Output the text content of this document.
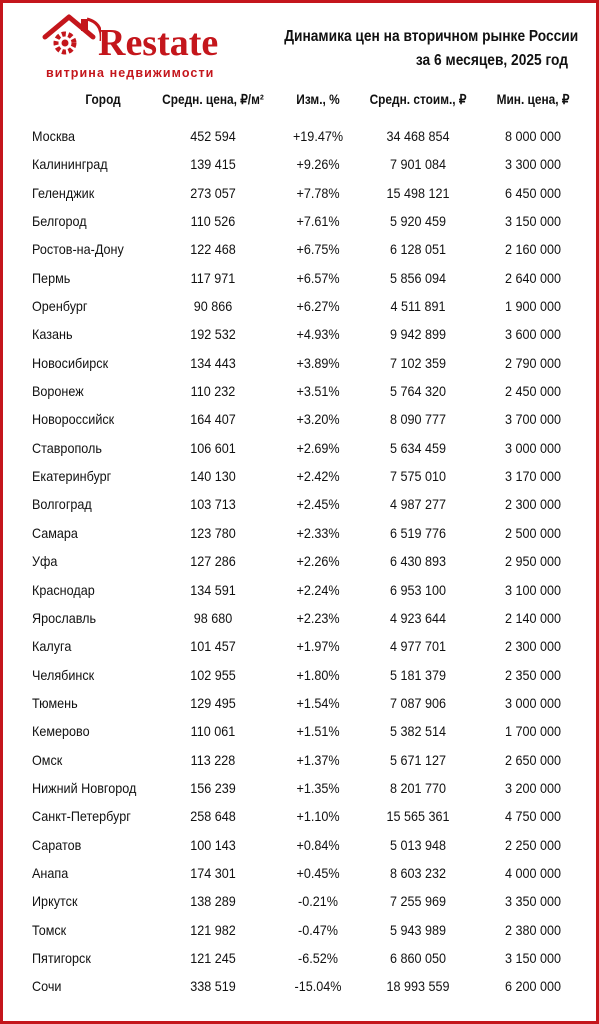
Restate
витрина недвижимости
Динамика цен на вторичном рынке России
за 6 месяцев, 2025 год
Город	Средн. цена, ₽/м²	Изм., %	Средн. стоим., ₽	Мин. цена, ₽
Москва	452 594	+19.47%	34 468 854	8 000 000
Калининград	139 415	+9.26%	7 901 084	3 300 000
Геленджик	273 057	+7.78%	15 498 121	6 450 000
Белгород	110 526	+7.61%	5 920 459	3 150 000
Ростов-на-Дону	122 468	+6.75%	6 128 051	2 160 000
Пермь	117 971	+6.57%	5 856 094	2 640 000
Оренбург	90 866	+6.27%	4 511 891	1 900 000
Казань	192 532	+4.93%	9 942 899	3 600 000
Новосибирск	134 443	+3.89%	7 102 359	2 790 000
Воронеж	110 232	+3.51%	5 764 320	2 450 000
Новороссийск	164 407	+3.20%	8 090 777	3 700 000
Ставрополь	106 601	+2.69%	5 634 459	3 000 000
Екатеринбург	140 130	+2.42%	7 575 010	3 170 000
Волгоград	103 713	+2.45%	4 987 277	2 300 000
Самара	123 780	+2.33%	6 519 776	2 500 000
Уфа	127 286	+2.26%	6 430 893	2 950 000
Краснодар	134 591	+2.24%	6 953 100	3 100 000
Ярославль	98 680	+2.23%	4 923 644	2 140 000
Калуга	101 457	+1.97%	4 977 701	2 300 000
Челябинск	102 955	+1.80%	5 181 379	2 350 000
Тюмень	129 495	+1.54%	7 087 906	3 000 000
Кемерово	110 061	+1.51%	5 382 514	1 700 000
Омск	113 228	+1.37%	5 671 127	2 650 000
Нижний Новгород	156 239	+1.35%	8 201 770	3 200 000
Санкт-Петербург	258 648	+1.10%	15 565 361	4 750 000
Саратов	100 143	+0.84%	5 013 948	2 250 000
Анапа	174 301	+0.45%	8 603 232	4 000 000
Иркутск	138 289	-0.21%	7 255 969	3 350 000
Томск	121 982	-0.47%	5 943 989	2 380 000
Пятигорск	121 245	-6.52%	6 860 050	3 150 000
Сочи	338 519	-15.04%	18 993 559	6 200 000
